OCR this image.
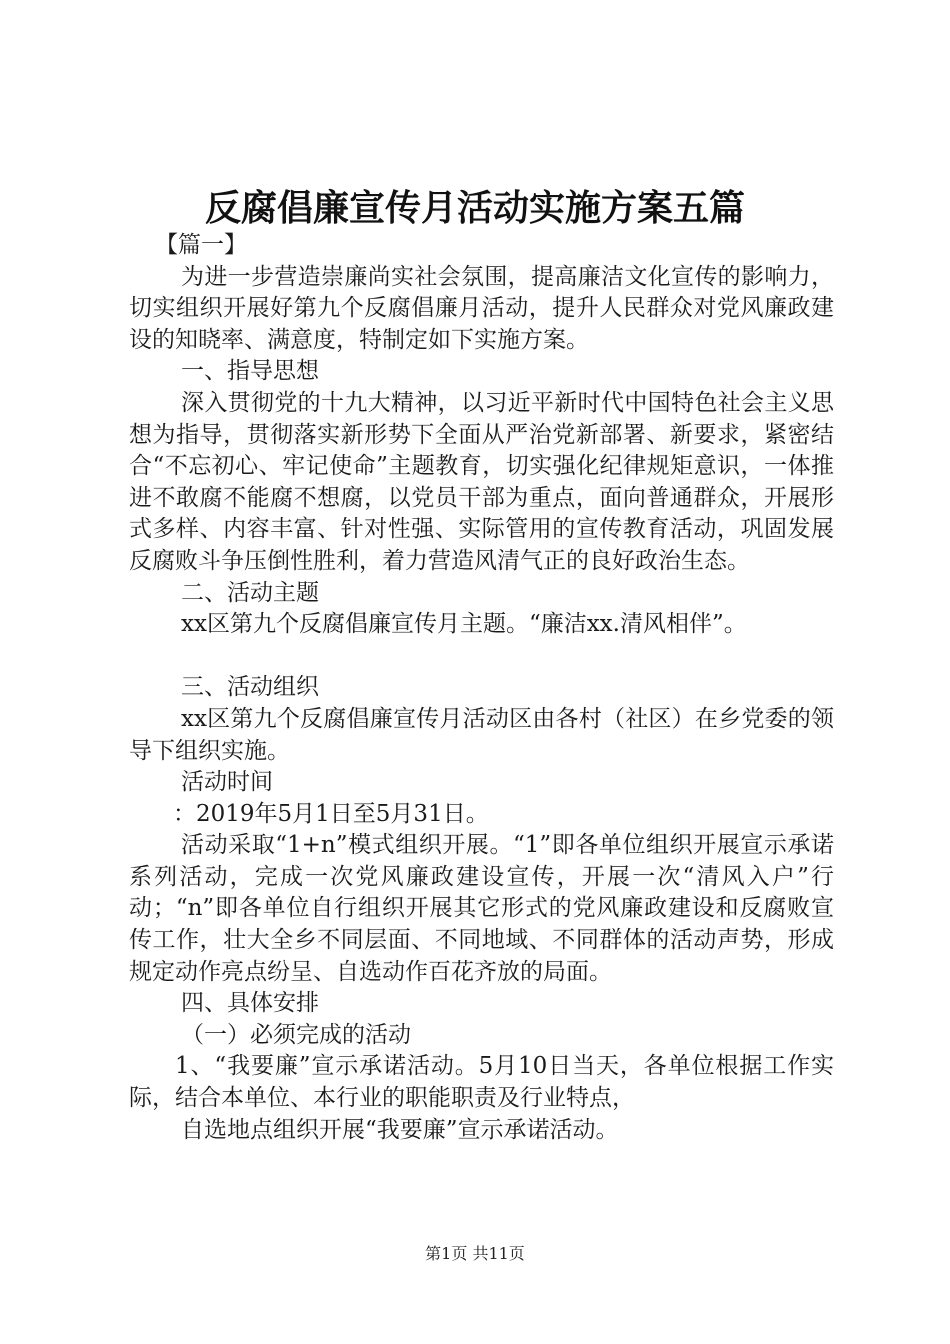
反腐倡廉宣传月活动实施方案五篇

【篇一】

为进一步营造崇廉尚实社会氛围，提高廉洁文化宣传的影响力，切实组织开展好第九个反腐倡廉月活动，提升人民群众对党风廉政建设的知晓率、满意度，特制定如下实施方案。

一、指导思想

深入贯彻党的十九大精神，以习近平新时代中国特色社会主义思想为指导，贯彻落实新形势下全面从严治党新部署、新要求，紧密结合“不忘初心、牢记使命”主题教育，切实强化纪律规矩意识，一体推进不敢腐不能腐不想腐，以党员干部为重点，面向普通群众，开展形式多样、内容丰富、针对性强、实际管用的宣传教育活动，巩固发展反腐败斗争压倒性胜利，着力营造风清气正的良好政治生态。

二、活动主题

xx区第九个反腐倡廉宣传月主题。“廉洁xx.清风相伴”。

三、活动组织

xx区第九个反腐倡廉宣传月活动区由各村（社区）在乡党委的领导下组织实施。

活动时间

：2019年5月1日至5月31日。

活动采取“1+n”模式组织开展。“1”即各单位组织开展宣示承诺系列活动，完成一次党风廉政建设宣传，开展一次“清风入户”行动；“n”即各单位自行组织开展其它形式的党风廉政建设和反腐败宣传工作，壮大全乡不同层面、不同地域、不同群体的活动声势，形成规定动作亮点纷呈、自选动作百花齐放的局面。

四、具体安排

（一）必须完成的活动

1、“我要廉”宣示承诺活动。5月10日当天，各单位根据工作实际，结合本单位、本行业的职能职责及行业特点，

自选地点组织开展“我要廉”宣示承诺活动。

第1页 共11页
